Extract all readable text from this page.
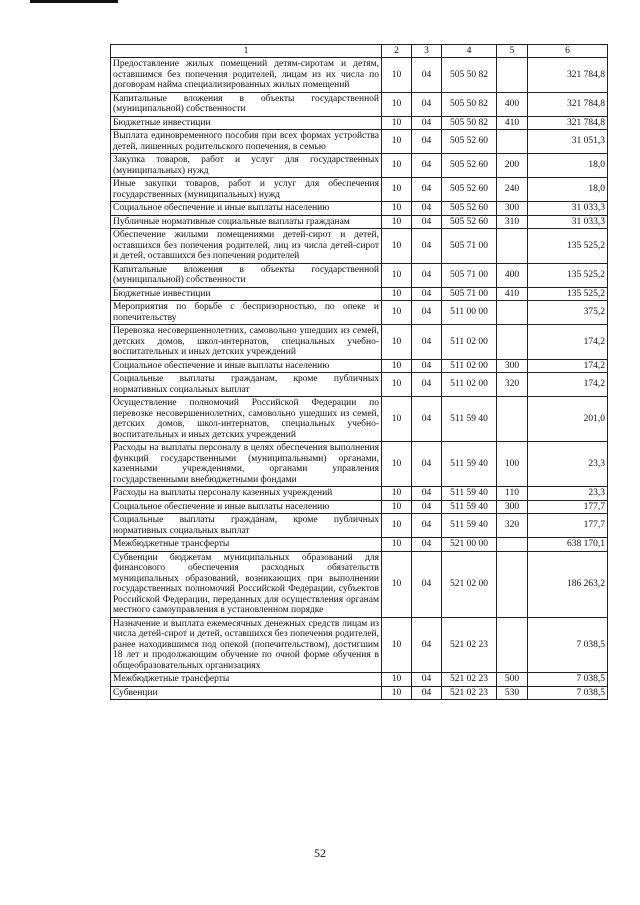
1	2	3	4	5	6
Предоставление жилых помещений детям-сиротам и детям, оставшимся без попечения родителей, лицам из их числа по договорам найма специализированных жилых помещений	10	04	505 50 82		321 784,8
Капитальные вложения в объекты государственной (муниципальной) собственности	10	04	505 50 82	400	321 784,8
Бюджетные инвестиции	10	04	505 50 82	410	321 784,8
Выплата единовременного пособия при всех формах устройства детей, лишенных родительского попечения, в семью	10	04	505 52 60		31 051,3
Закупка товаров, работ и услуг для государственных (муниципальных) нужд	10	04	505 52 60	200	18,0
Иные закупки товаров, работ и услуг для обеспечения государственных (муниципальных) нужд	10	04	505 52 60	240	18,0
Социальное обеспечение и иные выплаты населению	10	04	505 52 60	300	31 033,3
Публичные нормативные социальные выплаты гражданам	10	04	505 52 60	310	31 033,3
Обеспечение жилыми помещениями детей-сирот и детей, оставшихся без попечения родителей, лиц из числа детей-сирот и детей, оставшихся без попечения родителей	10	04	505 71 00		135 525,2
Капитальные вложения в объекты государственной (муниципальной) собственности	10	04	505 71 00	400	135 525,2
Бюджетные инвестиции	10	04	505 71 00	410	135 525,2
Мероприятия по борьбе с беспризорностью, по опеке и попечительству	10	04	511 00 00		375,2
Перевозка несовершеннолетних, самовольно ушедших из семей, детских домов, школ-интернатов, специальных учебно-воспитательных и иных детских учреждений	10	04	511 02 00		174,2
Социальное обеспечение и иные выплаты населению	10	04	511 02 00	300	174,2
Социальные выплаты гражданам, кроме публичных нормативных социальных выплат	10	04	511 02 00	320	174,2
Осуществление полномочий Российской Федерации по перевозке несовершеннолетних, самовольно ушедших из семей, детских домов, школ-интернатов, специальных учебно-воспитательных и иных детских учреждений	10	04	511 59 40		201,0
Расходы на выплаты персоналу в целях обеспечения выполнения функций государственными (муниципальными) органами, казенными учреждениями, органами управления государственными внебюджетными фондами	10	04	511 59 40	100	23,3
Расходы на выплаты персоналу казенных учреждений	10	04	511 59 40	110	23,3
Социальное обеспечение и иные выплаты населению	10	04	511 59 40	300	177,7
Социальные выплаты гражданам, кроме публичных нормативных социальных выплат	10	04	511 59 40	320	177,7
Межбюджетные трансферты	10	04	521 00 00		638 170,1
Субвенции бюджетам муниципальных образований для финансового обеспечения расходных обязательств муниципальных образований, возникающих при выполнении государственных полномочий Российской Федерации, субъектов Российской Федерации, переданных для осуществления органам местного самоуправления в установленном порядке	10	04	521 02 00		186 263,2
Назначение и выплата ежемесячных денежных средств лицам из числа детей-сирот и детей, оставшихся без попечения родителей, ранее находившимся под опекой (попечительством), достигшим 18 лет и продолжающим обучение по очной форме обучения в общеобразовательных организациях	10	04	521 02 23		7 038,5
Межбюджетные трансферты	10	04	521 02 23	500	7 038,5
Субвенции	10	04	521 02 23	530	7 038,5
52
